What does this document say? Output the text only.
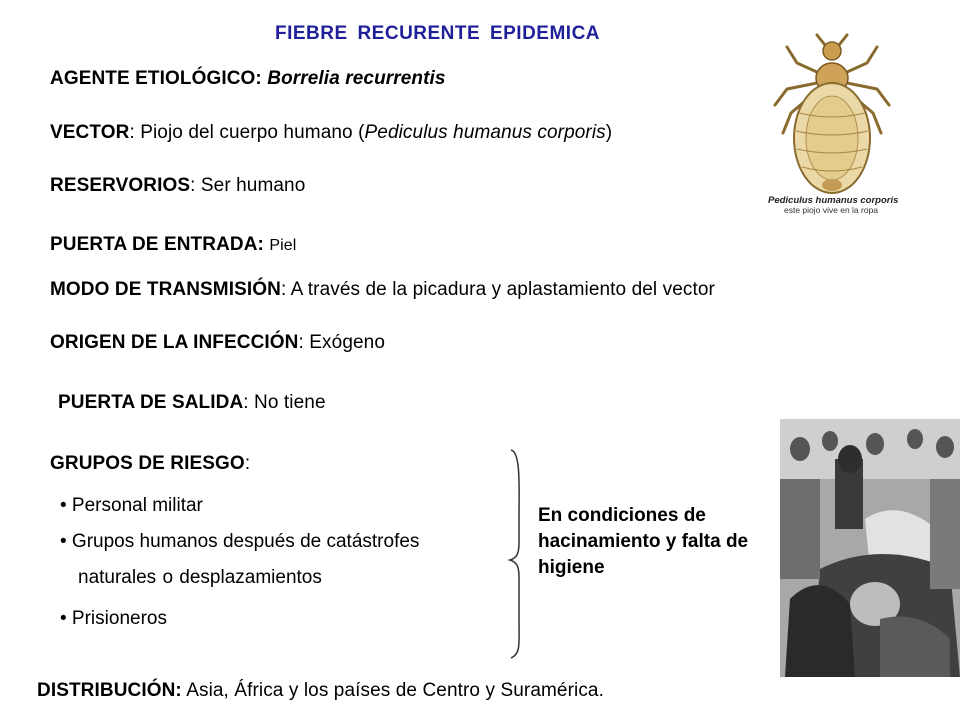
FIEBRE RECURENTE EPIDEMICA
AGENTE ETIOLÓGICO: Borrelia recurrentis
VECTOR: Piojo del cuerpo humano (Pediculus humanus corporis)
RESERVORIOS: Ser humano
PUERTA DE ENTRADA: Piel
MODO DE TRANSMISIÓN: A través de la picadura y aplastamiento del vector
ORIGEN DE LA INFECCIÓN: Exógeno
PUERTA DE SALIDA: No tiene
GRUPOS DE RIESGO:
• Personal militar
• Grupos humanos después de catástrofes
naturales o desplazamientos
• Prisioneros
En condiciones de hacinamiento y falta de higiene
Pediculus humanus corporis
este piojo vive en la ropa
DISTRIBUCIÓN: Asia, África y los países de Centro y Suramérica.
